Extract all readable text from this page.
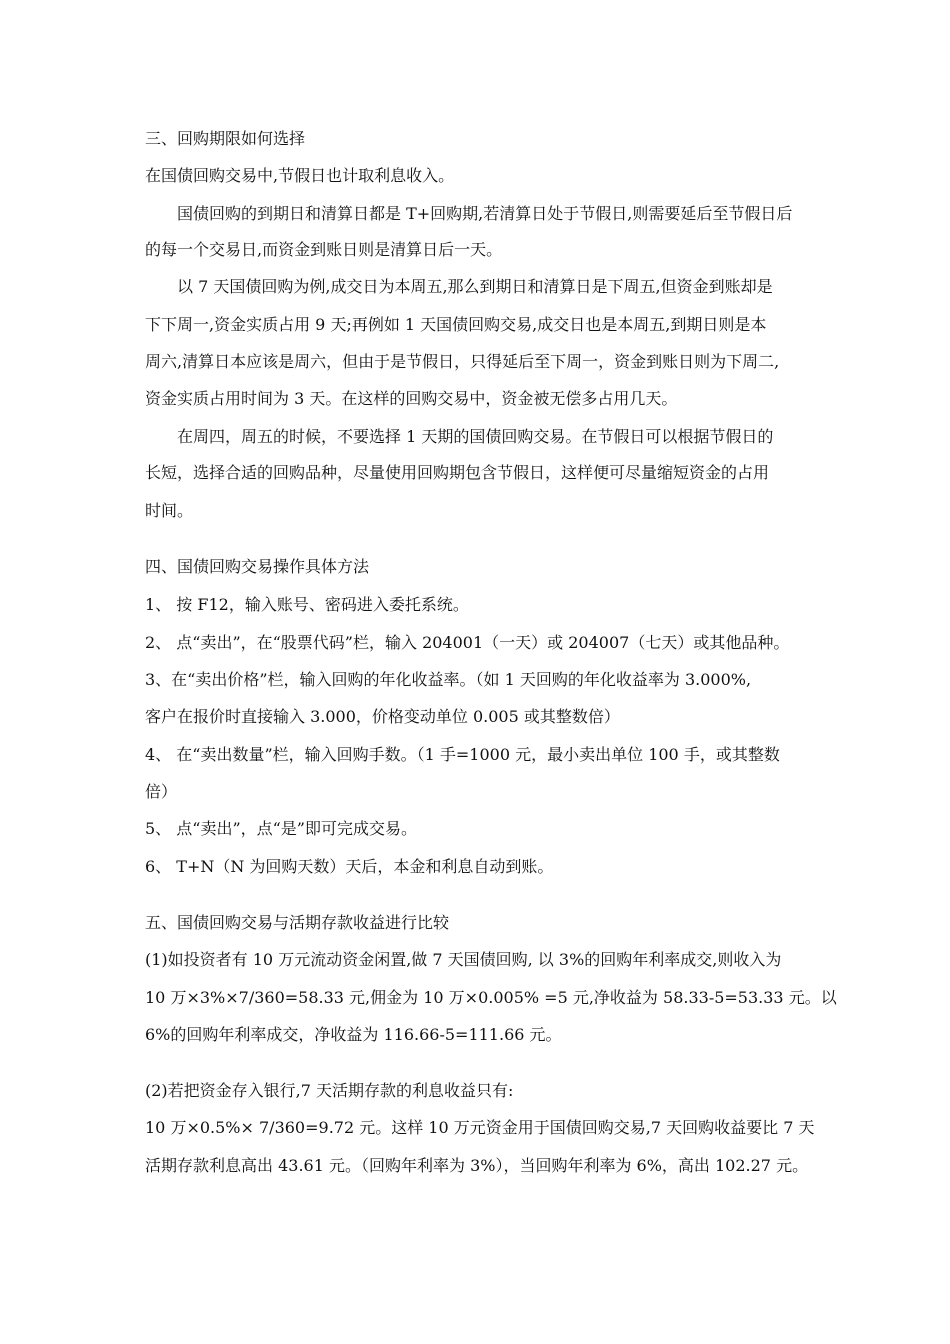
三、回购期限如何选择
在国债回购交易中,节假日也计取利息收入。
国债回购的到期日和清算日都是 T+回购期,若清算日处于节假日,则需要延后至节假日后
的每一个交易日,而资金到账日则是清算日后一天。
以 7 天国债回购为例,成交日为本周五,那么到期日和清算日是下周五,但资金到账却是
下下周一,资金实质占用 9 天;再例如 1 天国债回购交易,成交日也是本周五,到期日则是本
周六,清算日本应该是周六，但由于是节假日，只得延后至下周一，资金到账日则为下周二,
资金实质占用时间为 3 天。在这样的回购交易中，资金被无偿多占用几天。
在周四，周五的时候，不要选择 1 天期的国债回购交易。在节假日可以根据节假日的
长短，选择合适的回购品种，尽量使用回购期包含节假日，这样便可尽量缩短资金的占用
时间。
四、国债回购交易操作具体方法
1、 按 F12，输入账号、密码进入委托系统。
2、 点“卖出”，在“股票代码”栏，输入 204001（一天）或 204007（七天）或其他品种。
3、在“卖出价格”栏，输入回购的年化收益率。（如 1 天回购的年化收益率为 3.000%,
客户在报价时直接输入 3.000，价格变动单位 0.005 或其整数倍）
4、 在“卖出数量”栏，输入回购手数。（1 手=1000 元，最小卖出单位 100 手，或其整数
倍）
5、 点“卖出”，点“是”即可完成交易。
6、 T+N（N 为回购天数）天后，本金和利息自动到账。
五、国债回购交易与活期存款收益进行比较
(1)如投资者有 10 万元流动资金闲置,做 7 天国债回购, 以 3%的回购年利率成交,则收入为
10 万×3%×7/360=58.33 元,佣金为 10 万×0.005% =5 元,净收益为 58.33-5=53.33 元。以
6%的回购年利率成交，净收益为 116.66-5=111.66 元。
(2)若把资金存入银行,7 天活期存款的利息收益只有:
10 万×0.5%× 7/360=9.72 元。这样 10 万元资金用于国债回购交易,7 天回购收益要比 7 天
活期存款利息高出 43.61 元。（回购年利率为 3%），当回购年利率为 6%，高出 102.27 元。
